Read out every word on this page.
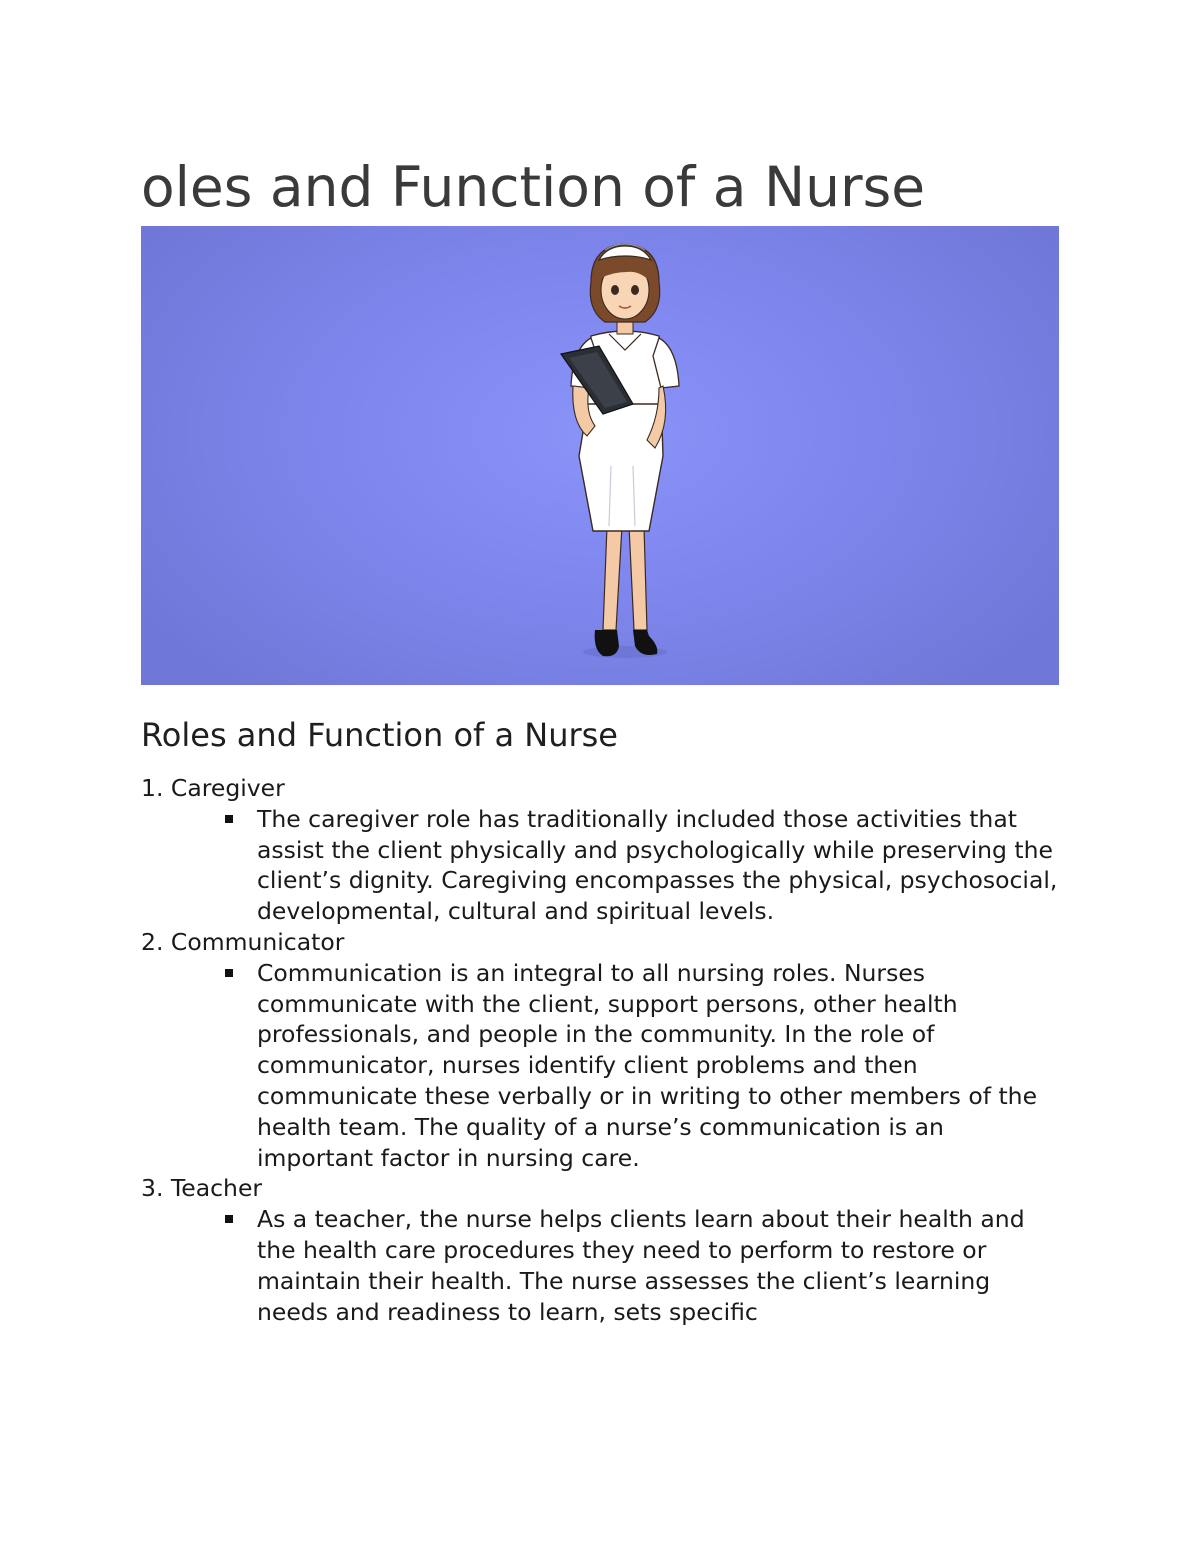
oles and Function of a Nurse
Roles and Function of a Nurse
1. Caregiver
The caregiver role has traditionally included those activities that assist the client physically and psychologically while preserving the client’s dignity. Caregiving encompasses the physical, psychosocial, developmental, cultural and spiritual levels.
2. Communicator
Communication is an integral to all nursing roles. Nurses communicate with the client, support persons, other health professionals, and people in the community. In the role of communicator, nurses identify client problems and then communicate these verbally or in writing to other members of the health team. The quality of a nurse’s communication is an important factor in nursing care.
3. Teacher
As a teacher, the nurse helps clients learn about their health and the health care procedures they need to perform to restore or maintain their health. The nurse assesses the client’s learning needs and readiness to learn, sets specific
